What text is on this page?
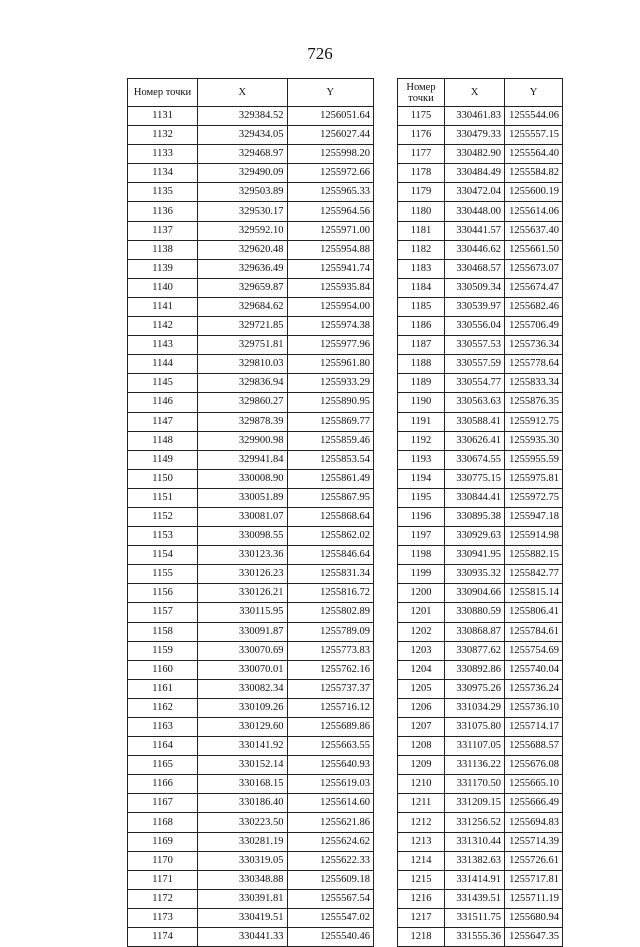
726
Номер точки	X	Y
1131	329384.52	1256051.64
1132	329434.05	1256027.44
1133	329468.97	1255998.20
1134	329490.09	1255972.66
1135	329503.89	1255965.33
1136	329530.17	1255964.56
1137	329592.10	1255971.00
1138	329620.48	1255954.88
1139	329636.49	1255941.74
1140	329659.87	1255935.84
1141	329684.62	1255954.00
1142	329721.85	1255974.38
1143	329751.81	1255977.96
1144	329810.03	1255961.80
1145	329836.94	1255933.29
1146	329860.27	1255890.95
1147	329878.39	1255869.77
1148	329900.98	1255859.46
1149	329941.84	1255853.54
1150	330008.90	1255861.49
1151	330051.89	1255867.95
1152	330081.07	1255868.64
1153	330098.55	1255862.02
1154	330123.36	1255846.64
1155	330126.23	1255831.34
1156	330126.21	1255816.72
1157	330115.95	1255802.89
1158	330091.87	1255789.09
1159	330070.69	1255773.83
1160	330070.01	1255762.16
1161	330082.34	1255737.37
1162	330109.26	1255716.12
1163	330129.60	1255689.86
1164	330141.92	1255663.55
1165	330152.14	1255640.93
1166	330168.15	1255619.03
1167	330186.40	1255614.60
1168	330223.50	1255621.86
1169	330281.19	1255624.62
1170	330319.05	1255622.33
1171	330348.88	1255609.18
1172	330391.81	1255567.54
1173	330419.51	1255547.02
1174	330441.33	1255540.46
Номер точки	X	Y
1175	330461.83	1255544.06
1176	330479.33	1255557.15
1177	330482.90	1255564.40
1178	330484.49	1255584.82
1179	330472.04	1255600.19
1180	330448.00	1255614.06
1181	330441.57	1255637.40
1182	330446.62	1255661.50
1183	330468.57	1255673.07
1184	330509.34	1255674.47
1185	330539.97	1255682.46
1186	330556.04	1255706.49
1187	330557.53	1255736.34
1188	330557.59	1255778.64
1189	330554.77	1255833.34
1190	330563.63	1255876.35
1191	330588.41	1255912.75
1192	330626.41	1255935.30
1193	330674.55	1255955.59
1194	330775.15	1255975.81
1195	330844.41	1255972.75
1196	330895.38	1255947.18
1197	330929.63	1255914.98
1198	330941.95	1255882.15
1199	330935.32	1255842.77
1200	330904.66	1255815.14
1201	330880.59	1255806.41
1202	330868.87	1255784.61
1203	330877.62	1255754.69
1204	330892.86	1255740.04
1205	330975.26	1255736.24
1206	331034.29	1255736.10
1207	331075.80	1255714.17
1208	331107.05	1255688.57
1209	331136.22	1255676.08
1210	331170.50	1255665.10
1211	331209.15	1255666.49
1212	331256.52	1255694.83
1213	331310.44	1255714.39
1214	331382.63	1255726.61
1215	331414.91	1255717.81
1216	331439.51	1255711.19
1217	331511.75	1255680.94
1218	331555.36	1255647.35
